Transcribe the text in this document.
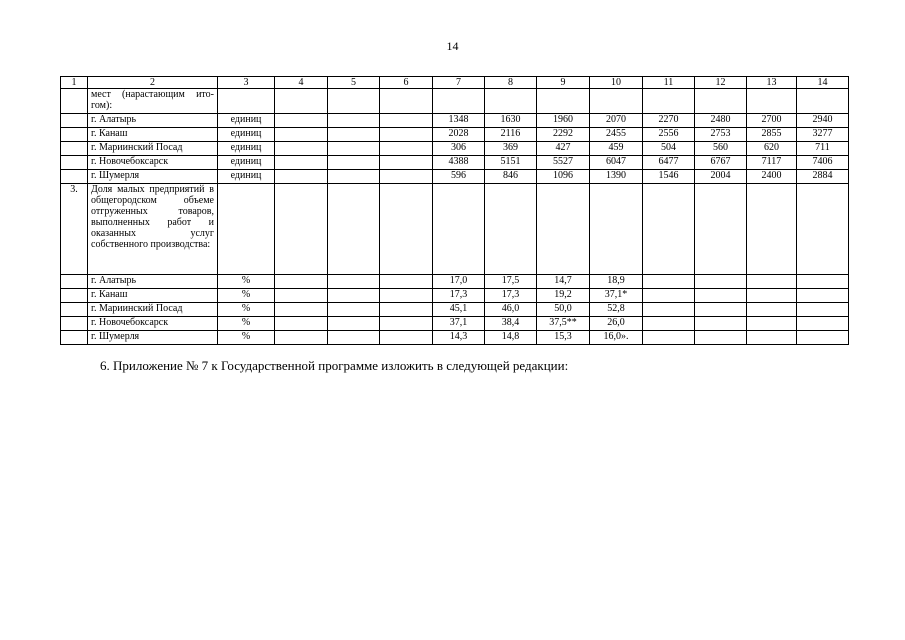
14
1	2	3	4	5	6	7	8	9	10	11	12	13	14
	мест (нарастающим ито-гом):												
	г. Алатырь	единиц				1348	1630	1960	2070	2270	2480	2700	2940
	г. Канаш	единиц				2028	2116	2292	2455	2556	2753	2855	3277
	г. Мариинский Посад	единиц				306	369	427	459	504	560	620	711
	г. Новочебоксарск	единиц				4388	5151	5527	6047	6477	6767	7117	7406
	г. Шумерля	единиц				596	846	1096	1390	1546	2004	2400	2884
3.	Доля малых предприятий в общегородском объеме отгруженных товаров, выполненных работ и оказанных услуг собственного производства:												
	г. Алатырь	%				17,0	17,5	14,7	18,9				
	г. Канаш	%				17,3	17,3	19,2	37,1*				
	г. Мариинский Посад	%				45,1	46,0	50,0	52,8				
	г. Новочебоксарск	%				37,1	38,4	37,5**	26,0				
	г. Шумерля	%				14,3	14,8	15,3	16,0».				
6. Приложение № 7 к Государственной программе изложить в следующей редакции:
